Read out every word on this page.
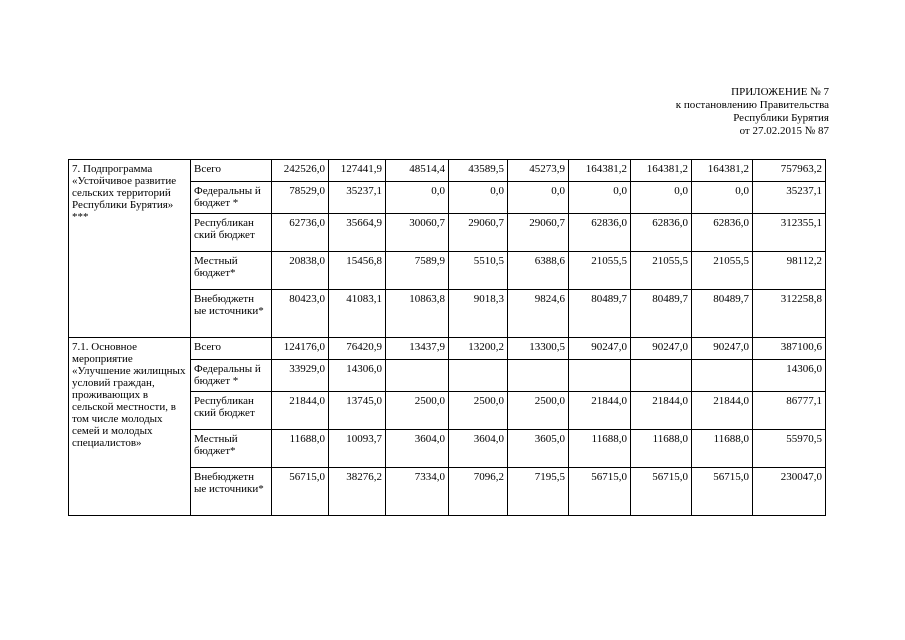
ПРИЛОЖЕНИЕ № 7
к постановлению Правительства
Республики Бурятия
от 27.02.2015 № 87
7. Подпрограмма «Устойчивое развитие сельских территорий Республики Бурятия» ***	Всего	242526,0	127441,9	48514,4	43589,5	45273,9	164381,2	164381,2	164381,2	757963,2
	Федеральны й бюджет *	78529,0	35237,1	0,0	0,0	0,0	0,0	0,0	0,0	35237,1
	Республикан ский бюджет	62736,0	35664,9	30060,7	29060,7	29060,7	62836,0	62836,0	62836,0	312355,1
	Местный бюджет*	20838,0	15456,8	7589,9	5510,5	6388,6	21055,5	21055,5	21055,5	98112,2
	Внебюджетн ые источники*	80423,0	41083,1	10863,8	9018,3	9824,6	80489,7	80489,7	80489,7	312258,8
7.1. Основное мероприятие «Улучшение жилищных условий граждан, проживающих в сельской местности, в том числе молодых семей и молодых специалистов»	Всего	124176,0	76420,9	13437,9	13200,2	13300,5	90247,0	90247,0	90247,0	387100,6
	Федеральны й бюджет *	33929,0	14306,0							14306,0
	Республикан ский бюджет	21844,0	13745,0	2500,0	2500,0	2500,0	21844,0	21844,0	21844,0	86777,1
	Местный бюджет*	11688,0	10093,7	3604,0	3604,0	3605,0	11688,0	11688,0	11688,0	55970,5
	Внебюджетн ые источники*	56715,0	38276,2	7334,0	7096,2	7195,5	56715,0	56715,0	56715,0	230047,0
